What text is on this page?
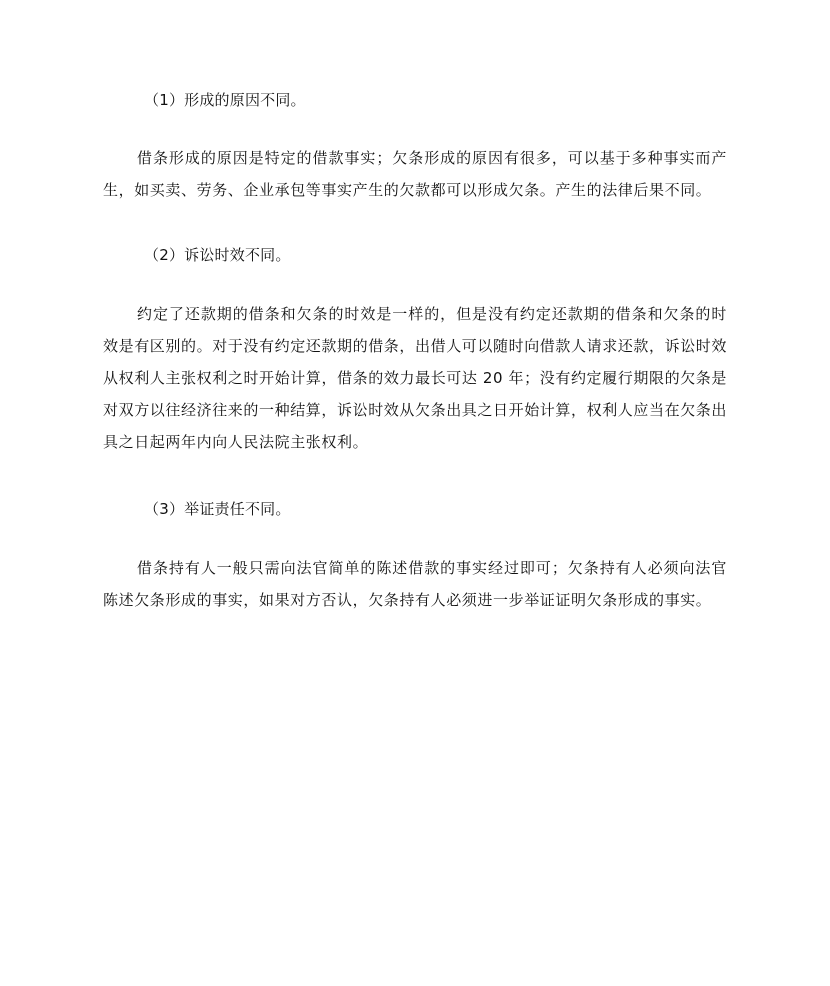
（1）形成的原因不同。
借条形成的原因是特定的借款事实；欠条形成的原因有很多，可以基于多种事实而产生，如买卖、劳务、企业承包等事实产生的欠款都可以形成欠条。产生的法律后果不同。
（2）诉讼时效不同。
约定了还款期的借条和欠条的时效是一样的，但是没有约定还款期的借条和欠条的时效是有区别的。对于没有约定还款期的借条，出借人可以随时向借款人请求还款，诉讼时效从权利人主张权利之时开始计算，借条的效力最长可达 20 年；没有约定履行期限的欠条是对双方以往经济往来的一种结算，诉讼时效从欠条出具之日开始计算，权利人应当在欠条出具之日起两年内向人民法院主张权利。
（3）举证责任不同。
借条持有人一般只需向法官简单的陈述借款的事实经过即可；欠条持有人必须向法官陈述欠条形成的事实，如果对方否认，欠条持有人必须进一步举证证明欠条形成的事实。
